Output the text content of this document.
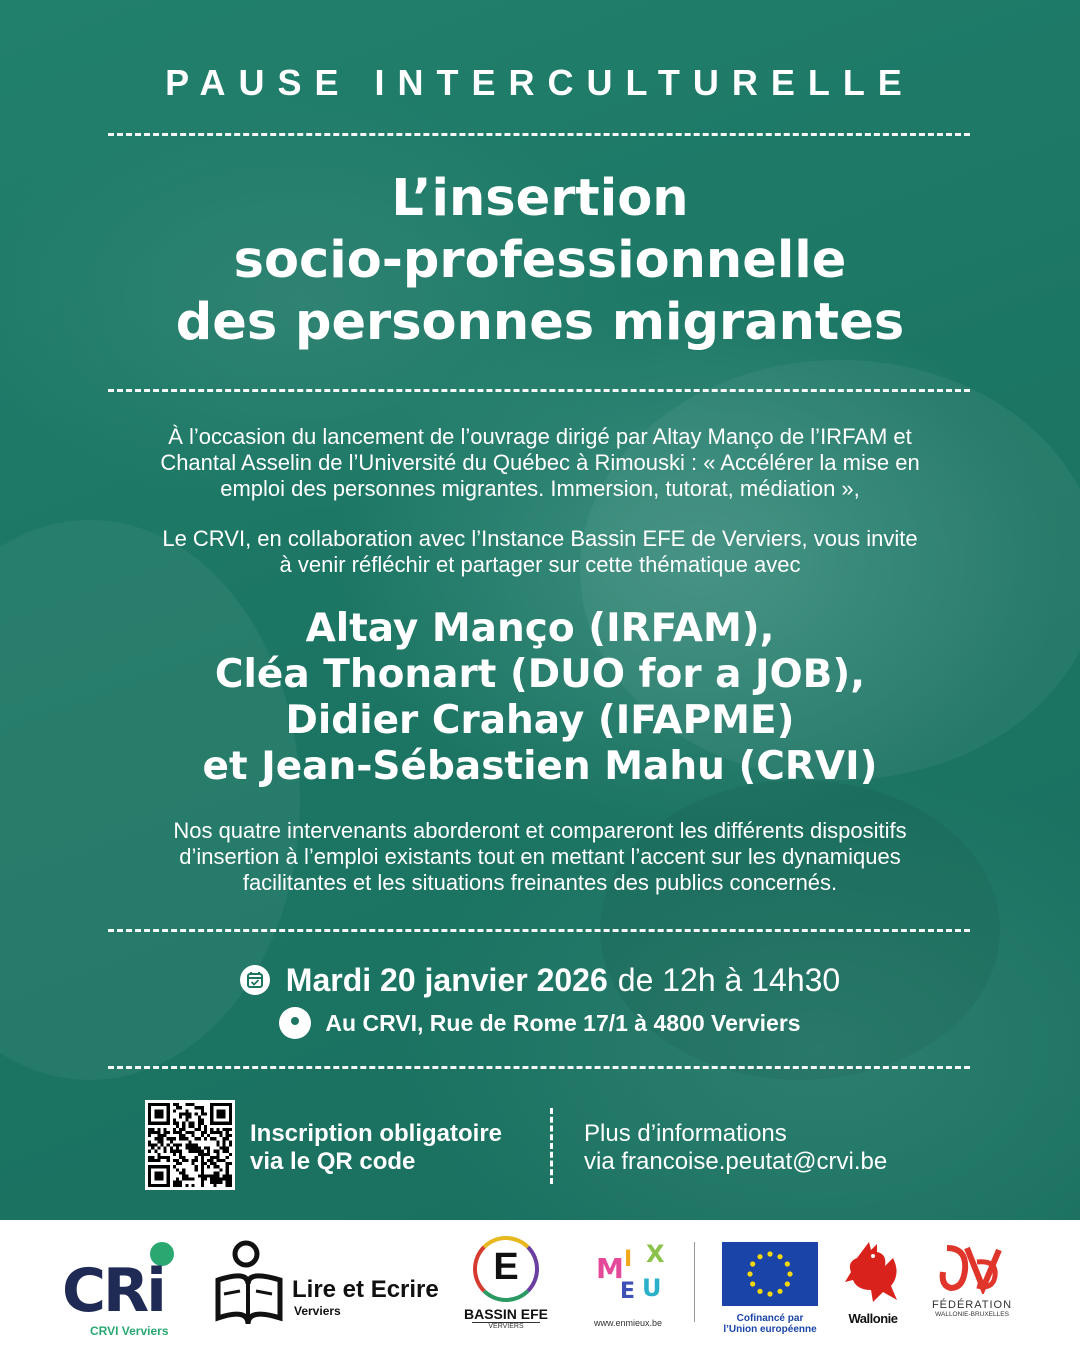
PAUSE INTERCULTURELLE
L’insertion
socio-professionnelle
des personnes migrantes
À l’occasion du lancement de l’ouvrage dirigé par Altay Manço de l’IRFAM et
Chantal Asselin de l’Université du Québec à Rimouski : « Accélérer la mise en
emploi des personnes migrantes. Immersion, tutorat, médiation »,
Le CRVI, en collaboration avec l’Instance Bassin EFE de Verviers, vous invite
à venir réfléchir et partager sur cette thématique avec
Altay Manço (IRFAM),
Cléa Thonart (DUO for a JOB),
Didier Crahay (IFAPME)
et Jean-Sébastien Mahu (CRVI)
Nos quatre intervenants aborderont et compareront les différents dispositifs
d’insertion à l’emploi existants tout en mettant l’accent sur les dynamiques
facilitantes et les situations freinantes des publics concernés.
Mardi 20 janvier 2026 de 12h à 14h30
Au CRVI, Rue de Rome 17/1 à 4800 Verviers
Inscription obligatoire
via le QR code
Plus d’informations
via francoise.peutat@crvi.be
CRi
CRVI Verviers
Lire et Ecrire
Verviers
E
BASSIN EFE
VERVIERS
M I X
E U
www.enmieux.be	Cofinancé par
l’Union européenne
Wallonie
FÉDÉRATION
WALLONIE-BRUXELLES
